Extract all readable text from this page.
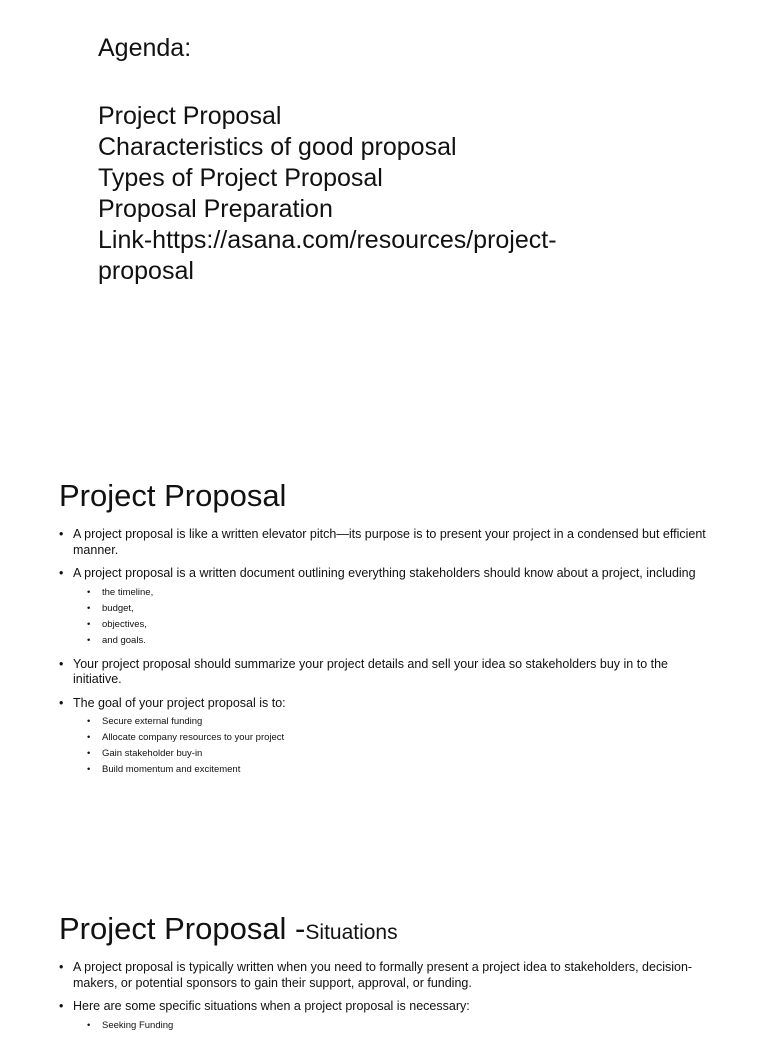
Agenda:
Project Proposal
Characteristics of good proposal
Types of Project Proposal
Proposal Preparation
Link-https://asana.com/resources/project-proposal
Project Proposal
• A project proposal is like a written elevator pitch—its purpose is to present your project in a condensed but efficient manner.
• A project proposal is a written document outlining everything stakeholders should know about a project, including
• the timeline,
• budget,
• objectives,
• and goals.
• Your project proposal should summarize your project details and sell your idea so stakeholders buy in to the initiative.
• The goal of your project proposal is to:
• Secure external funding
• Allocate company resources to your project
• Gain stakeholder buy-in
• Build momentum and excitement
Project Proposal -Situations
• A project proposal is typically written when you need to formally present a project idea to stakeholders, decision-makers, or potential sponsors to gain their support, approval, or funding.
• Here are some specific situations when a project proposal is necessary:
• Seeking Funding
